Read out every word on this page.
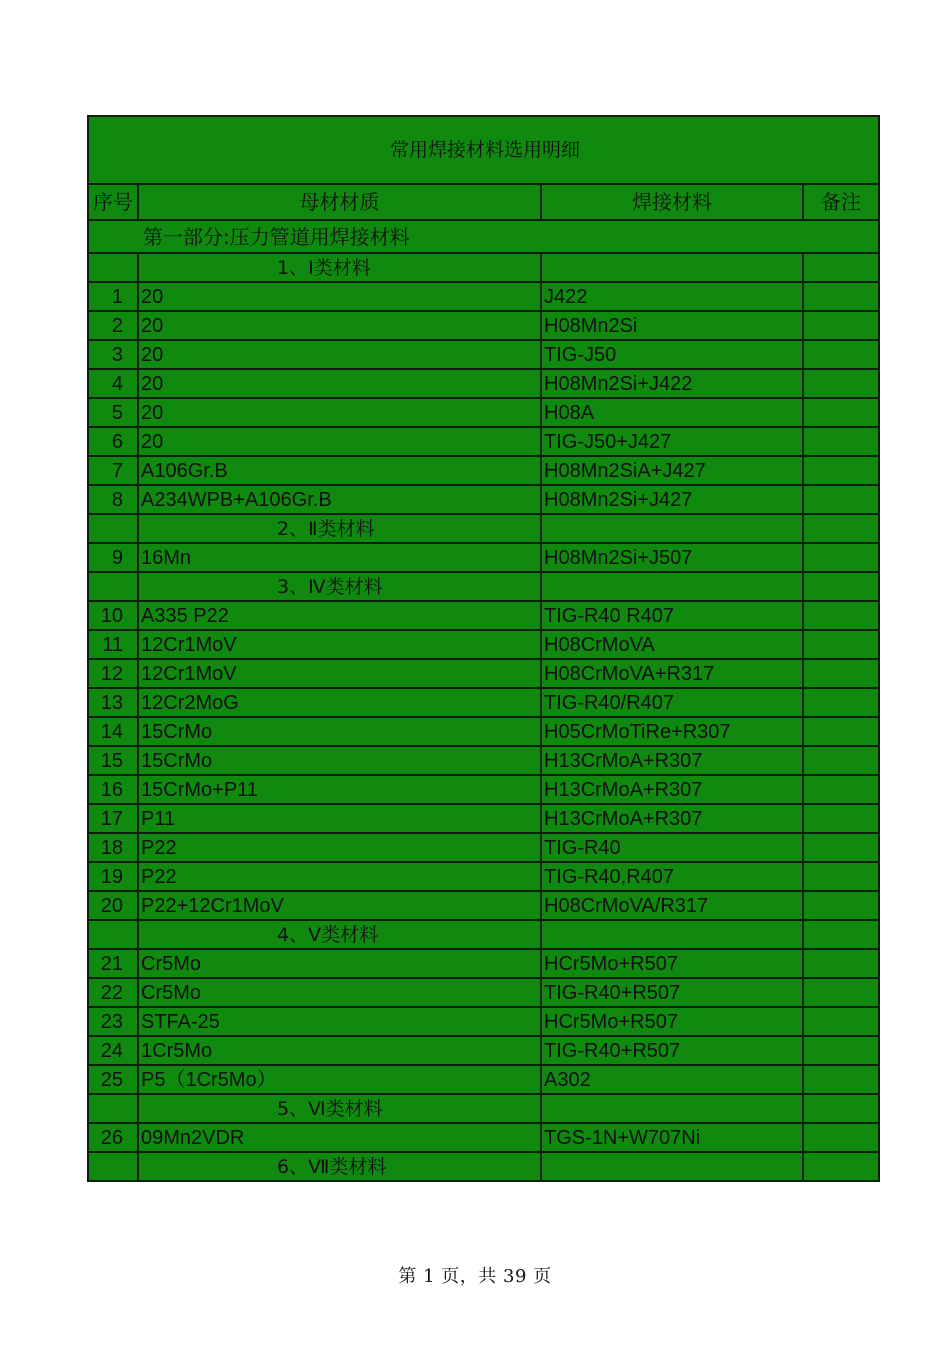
常用焊接材料选用明细			
序号	母材材质	焊接材料	备注
第一部分:压力管道用焊接材料			
	1、Ⅰ类材料		
1	20	J422	
2	20	H08Mn2Si	
3	20	TIG-J50	
4	20	H08Mn2Si+J422	
5	20	H08A	
6	20	TIG-J50+J427	
7	A106Gr.B	H08Mn2SiA+J427	
8	A234WPB+A106Gr.B	H08Mn2Si+J427	
	2、Ⅱ类材料		
9	16Mn	H08Mn2Si+J507	
	3、Ⅳ类材料		
10	A335 P22	TIG-R40 R407	
11	12Cr1MoV	H08CrMoVA	
12	12Cr1MoV	H08CrMoVA+R317	
13	12Cr2MoG	TIG-R40/R407	
14	15CrMo	H05CrMoTiRe+R307	
15	15CrMo	H13CrMoA+R307	
16	15CrMo+P11	H13CrMoA+R307	
17	P11	H13CrMoA+R307	
18	P22	TIG-R40	
19	P22	TIG-R40,R407	
20	P22+12Cr1MoV	H08CrMoVA/R317	
	4、Ⅴ类材料		
21	Cr5Mo	HCr5Mo+R507	
22	Cr5Mo	TIG-R40+R507	
23	STFA-25	HCr5Mo+R507	
24	1Cr5Mo	TIG-R40+R507	
25	P5（1Cr5Mo）	A302	
	5、Ⅵ类材料		
26	09Mn2VDR	TGS-1N+W707Ni	
	6、Ⅶ类材料		
第 1 页，共 39 页
